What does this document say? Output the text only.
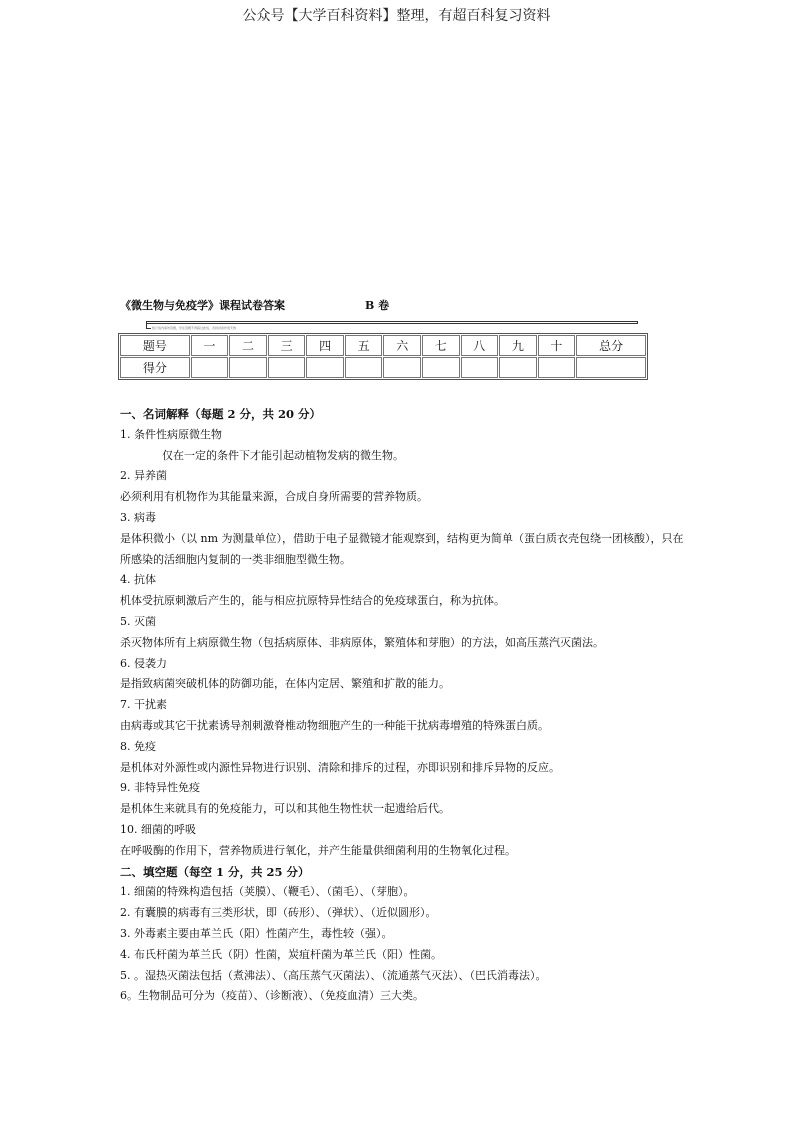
公众号【大学百科资料】整理，有超百科复习资料
《微生物与免疫学》课程试卷答案	B 卷
装订线内请勿答题，学生答题不得超过此线，否则试卷作废无效
题号	一	二	三	四	五	六	七	八	九	十	总分
得分											

一、名词解释（每题 2 分，共 20 分）

1. 条件性病原微生物

仅在一定的条件下才能引起动植物发病的微生物。

2. 异养菌

必须利用有机物作为其能量来源，合成自身所需要的营养物质。

3. 病毒

是体积微小（以 nm 为测量单位），借助于电子显微镜才能观察到，结构更为简单（蛋白质衣壳包绕一团核酸），只在所感染的活细胞内复制的一类非细胞型微生物。

4. 抗体

机体受抗原刺激后产生的，能与相应抗原特异性结合的免疫球蛋白，称为抗体。

5. 灭菌

杀灭物体所有上病原微生物（包括病原体、非病原体，繁殖体和芽胞）的方法，如高压蒸汽灭菌法。

6. 侵袭力

是指致病菌突破机体的防御功能，在体内定居、繁殖和扩散的能力。

7. 干扰素

由病毒或其它干扰素诱导剂刺激脊椎动物细胞产生的一种能干扰病毒增殖的特殊蛋白质。

8. 免疫

是机体对外源性或内源性异物进行识别、清除和排斥的过程，亦即识别和排斥异物的反应。

9. 非特异性免疫

是机体生来就具有的免疫能力，可以和其他生物性状一起遗给后代。

10. 细菌的呼吸

在呼吸酶的作用下，营养物质进行氧化，并产生能量供细菌利用的生物氧化过程。

二、填空题（每空 1 分，共 25 分）

1. 细菌的特殊构造包括（荚膜）、（鞭毛）、（菌毛）、（芽胞）。

2. 有囊膜的病毒有三类形状，即（砖形）、（弹状）、（近似圆形）。

3. 外毒素主要由革兰氏（阳）性菌产生，毒性较（强）。

4. 布氏杆菌为革兰氏（阴）性菌，炭疽杆菌为革兰氏（阳）性菌。

5. 。湿热灭菌法包括（煮沸法）、（高压蒸气灭菌法）、（流通蒸气灭法）、（巴氏消毒法）。

6。生物制品可分为（疫苗）、（诊断液）、（免疫血清）三大类。
